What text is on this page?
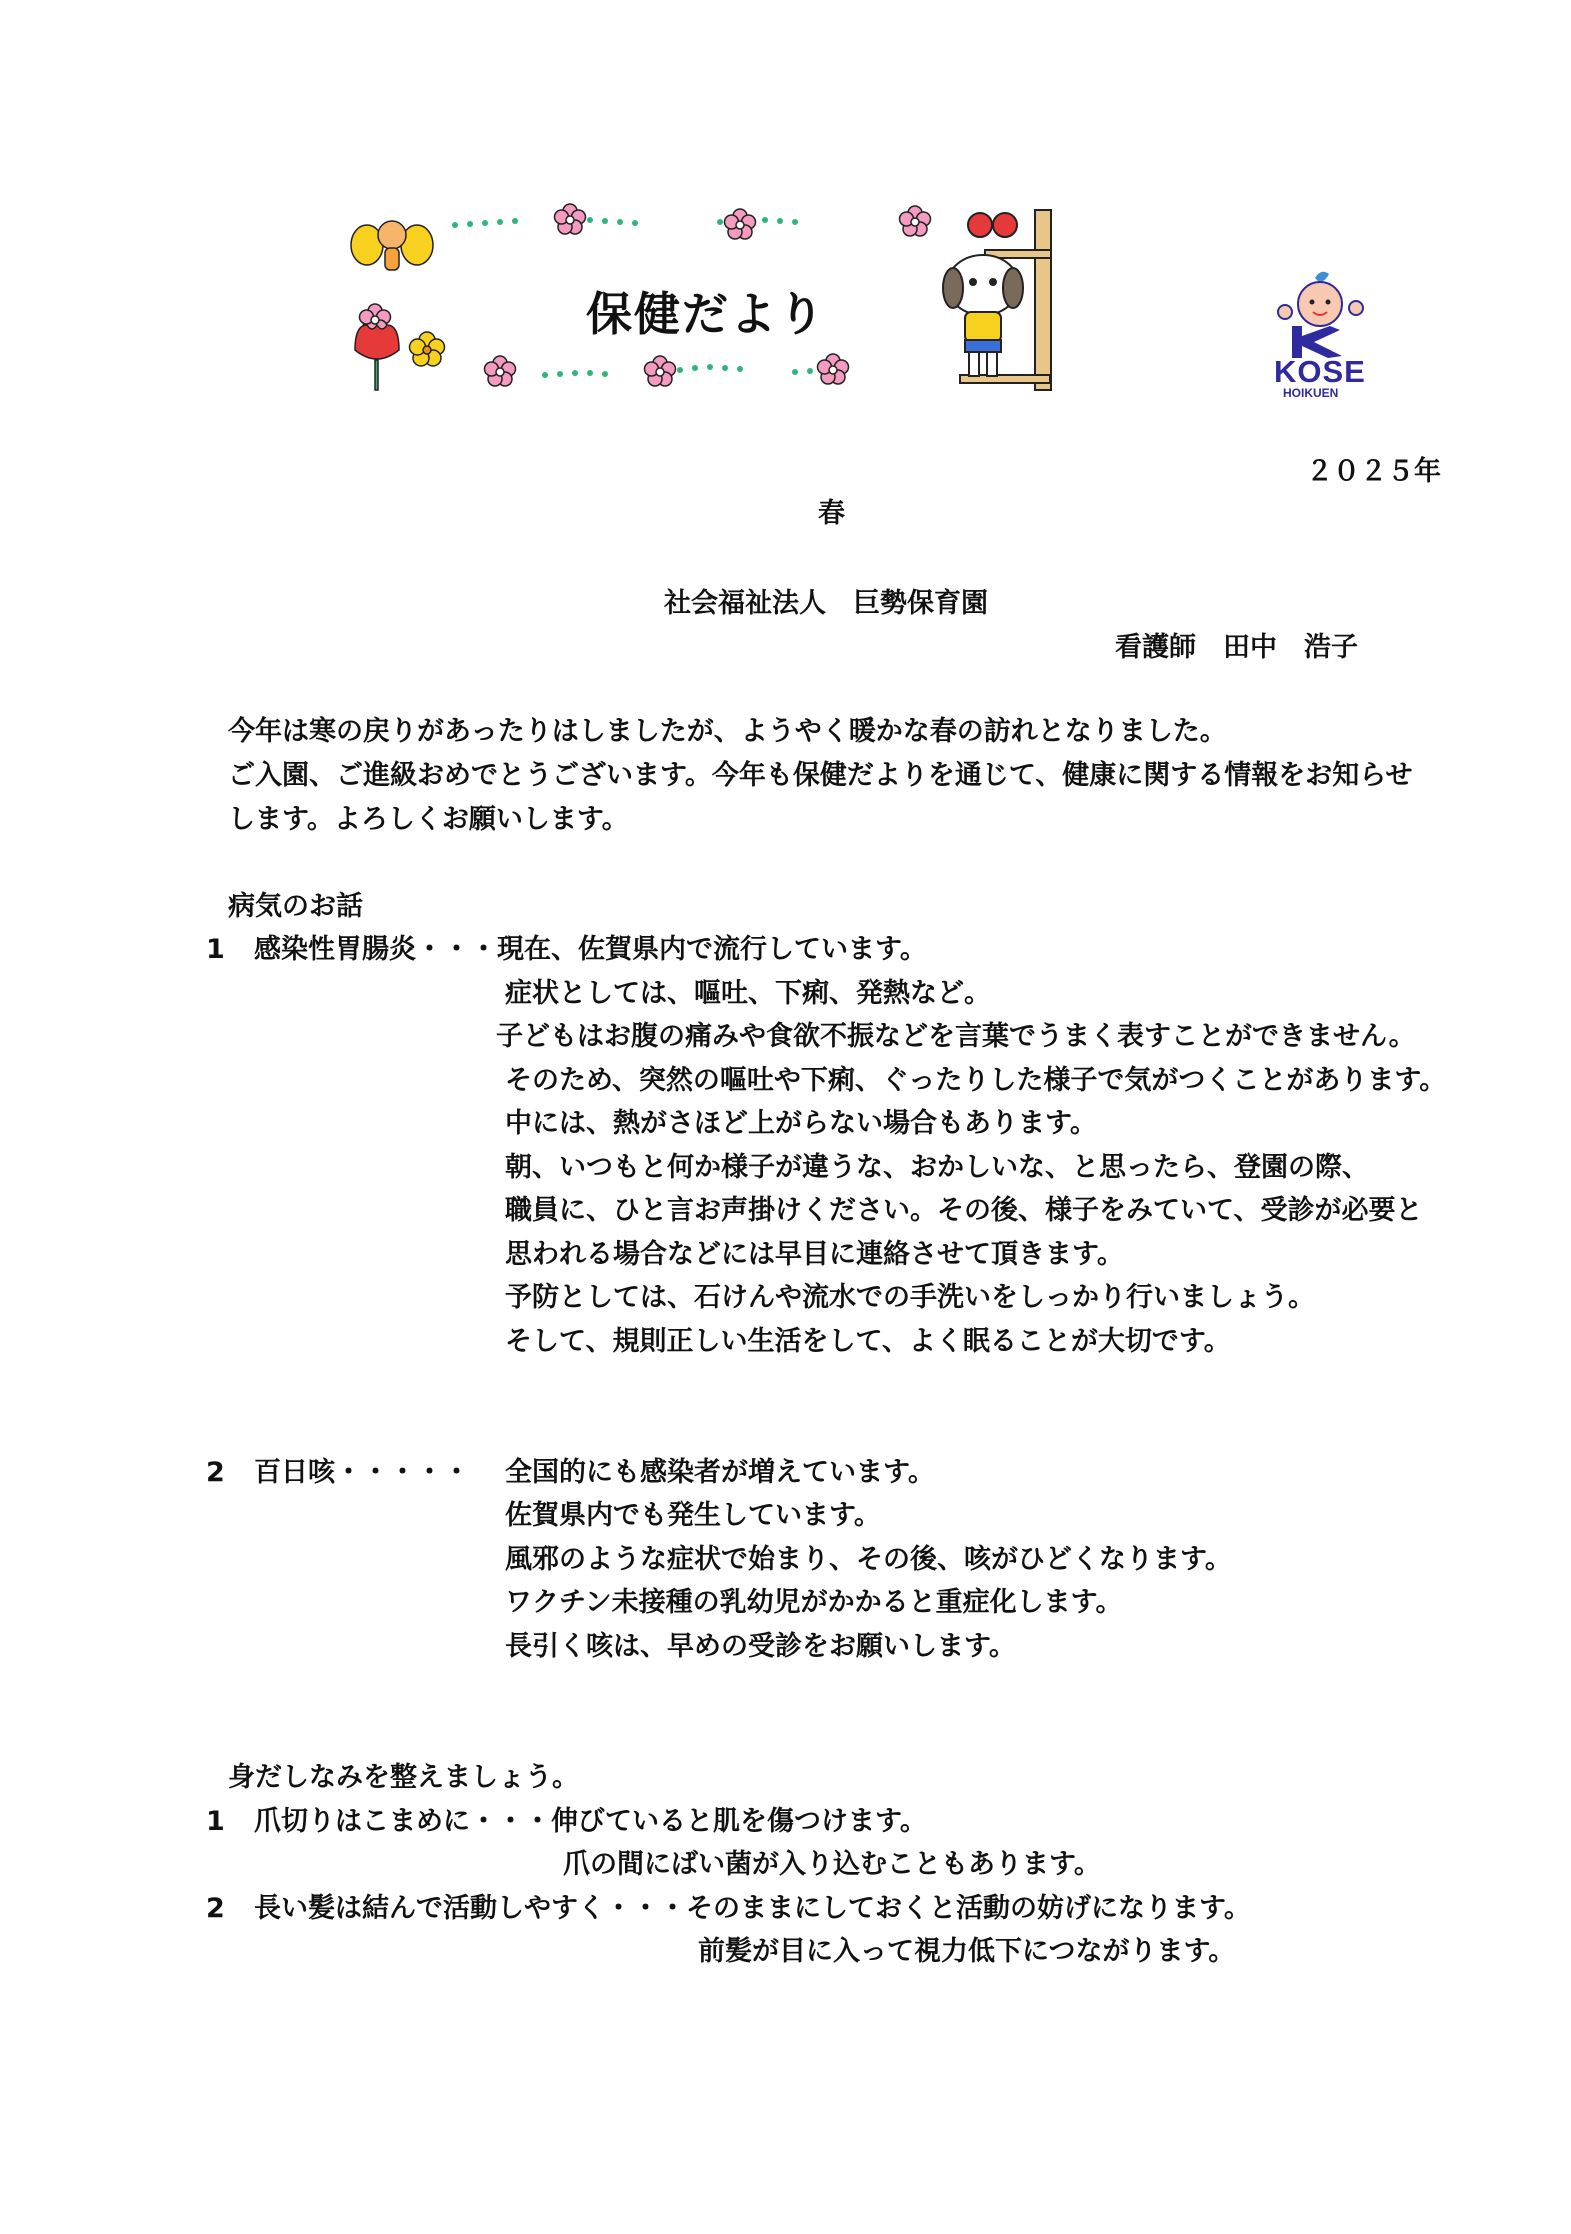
保健だより
KOSE
HOIKUEN
２０２５年
春
社会福祉法人　巨勢保育園
看護師　田中　浩子
今年は寒の戻りがあったりはしましたが、ようやく暖かな春の訪れとなりました。
ご入園、ご進級おめでとうございます。今年も保健だよりを通じて、健康に関する情報をお知らせ
します。よろしくお願いします。
病気のお話
1 感染性胃腸炎・・・現在、佐賀県内で流行しています。
症状としては、嘔吐、下痢、発熱など。
子どもはお腹の痛みや食欲不振などを言葉でうまく表すことができません。
そのため、突然の嘔吐や下痢、ぐったりした様子で気がつくことがあります。
中には、熱がさほど上がらない場合もあります。
朝、いつもと何か様子が違うな、おかしいな、と思ったら、登園の際、
職員に、ひと言お声掛けください。その後、様子をみていて、受診が必要と
思われる場合などには早目に連絡させて頂きます。
予防としては、石けんや流水での手洗いをしっかり行いましょう。
そして、規則正しい生活をして、よく眠ることが大切です。
2 百日咳・・・・・ 全国的にも感染者が増えています。
佐賀県内でも発生しています。
風邪のような症状で始まり、その後、咳がひどくなります。
ワクチン未接種の乳幼児がかかると重症化します。
長引く咳は、早めの受診をお願いします。
身だしなみを整えましょう。
1 爪切りはこまめに・・・伸びていると肌を傷つけます。
爪の間にばい菌が入り込むこともあります。
2 長い髪は結んで活動しやすく・・・そのままにしておくと活動の妨げになります。
前髪が目に入って視力低下につながります。
